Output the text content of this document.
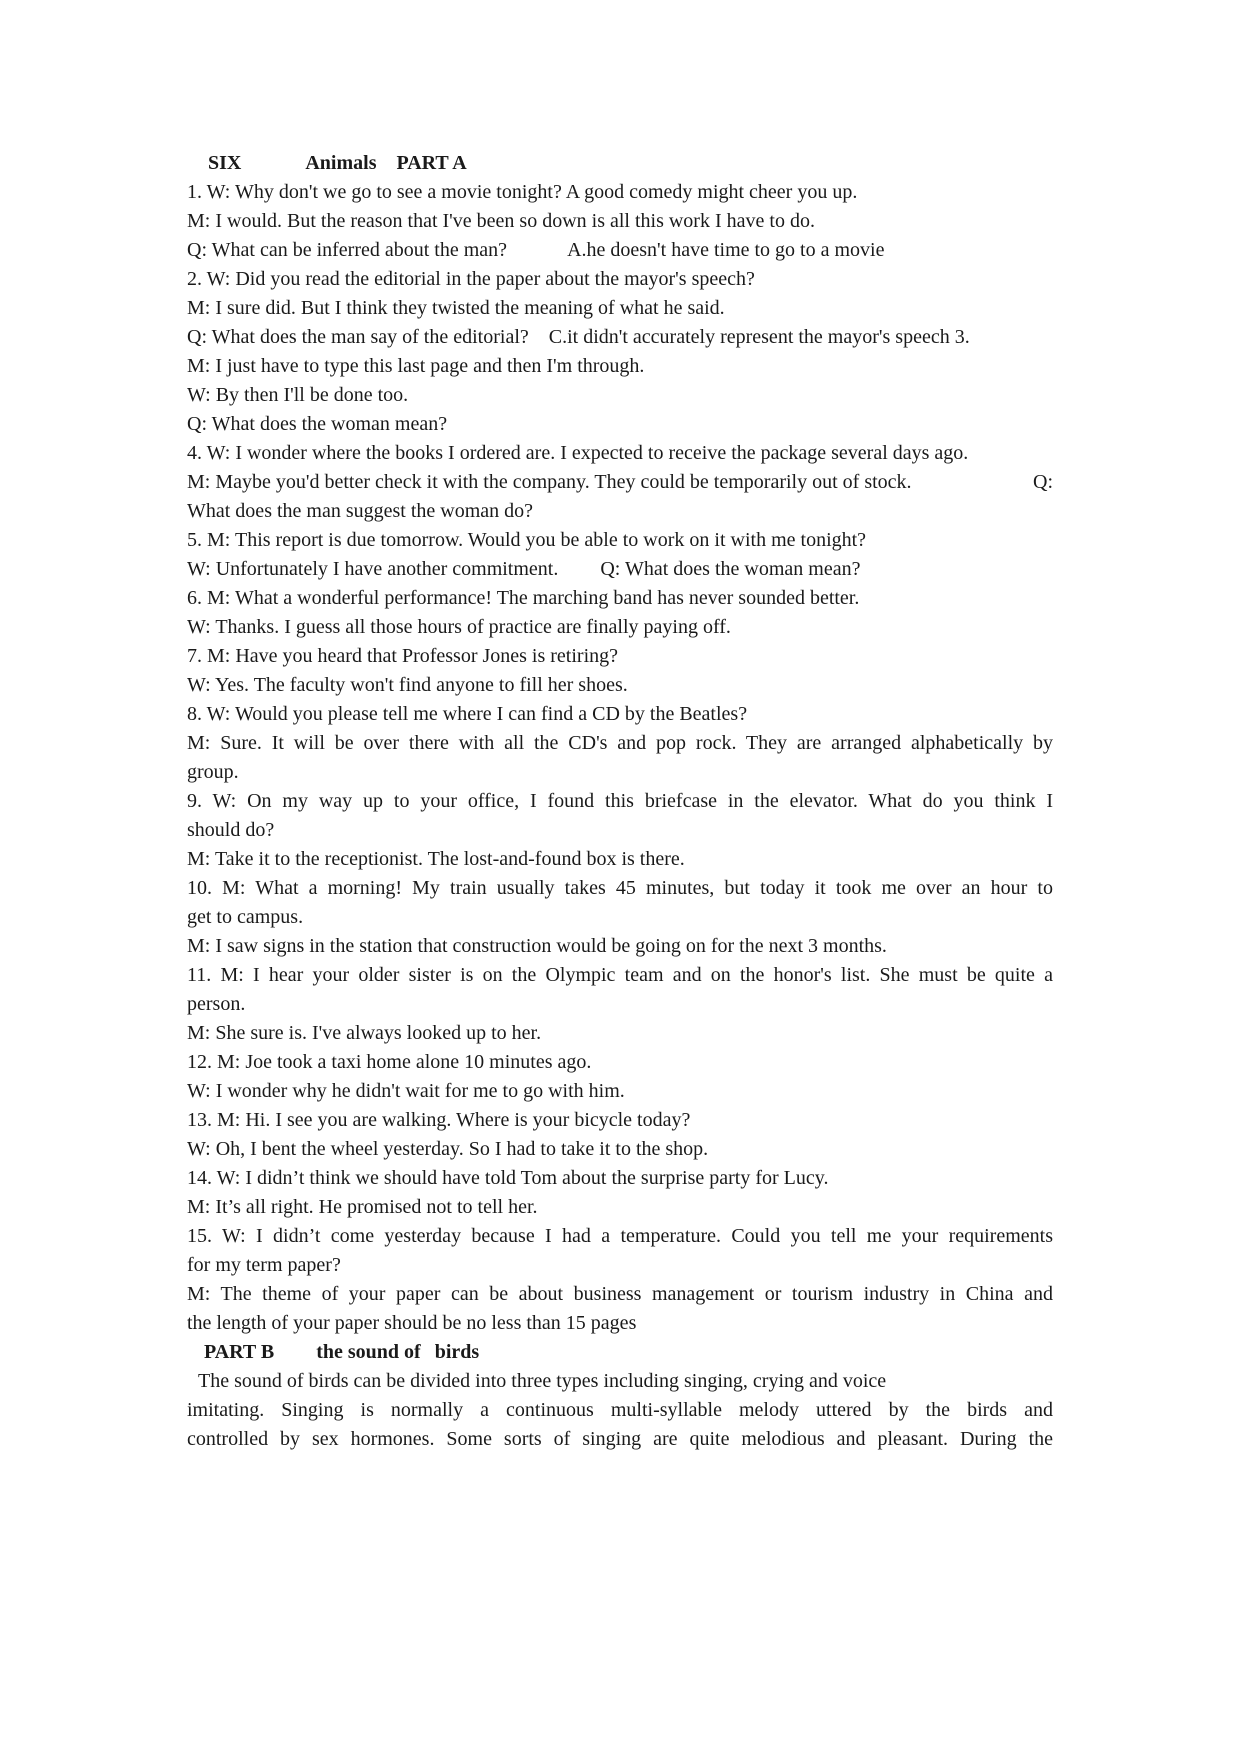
SIX	Animals PART A
1. W: Why don't we go to see a movie tonight? A good comedy might cheer you up.
M: I would. But the reason that I've been so down is all this work I have to do.
Q: What can be inferred about the man?	A.he doesn't have time to go to a movie
2. W: Did you read the editorial in the paper about the mayor's speech?
M: I sure did. But I think they twisted the meaning of what he said.
Q: What does the man say of the editorial? C.it didn't accurately represent the mayor's speech 3.
M: I just have to type this last page and then I'm through.
W: By then I'll be done too.
Q: What does the woman mean?
4. W: I wonder where the books I ordered are. I expected to receive the package several days ago.
M: Maybe you'd better check it with the company. They could be temporarily out of stock.	Q:
What does the man suggest the woman do?
5. M: This report is due tomorrow. Would you be able to work on it with me tonight?
W: Unfortunately I have another commitment. Q: What does the woman mean?
6. M: What a wonderful performance! The marching band has never sounded better.
W: Thanks. I guess all those hours of practice are finally paying off.
7. M: Have you heard that Professor Jones is retiring?
W: Yes. The faculty won't find anyone to fill her shoes.
8. W: Would you please tell me where I can find a CD by the Beatles?
M: Sure. It will be over there with all the CD's and pop rock. They are arranged alphabetically by
group.
9. W: On my way up to your office, I found this briefcase in the elevator. What do you think I
should do?
M: Take it to the receptionist. The lost-and-found box is there.
10. M: What a morning! My train usually takes 45 minutes, but today it took me over an hour to
get to campus.
M: I saw signs in the station that construction would be going on for the next 3 months.
11. M: I hear your older sister is on the Olympic team and on the honor's list. She must be quite a
person.
M: She sure is. I've always looked up to her.
12. M: Joe took a taxi home alone 10 minutes ago.
W: I wonder why he didn't wait for me to go with him.
13. M: Hi. I see you are walking. Where is your bicycle today?
W: Oh, I bent the wheel yesterday. So I had to take it to the shop.
14. W: I didn’t think we should have told Tom about the surprise party for Lucy.
M: It’s all right. He promised not to tell her.
15. W: I didn’t come yesterday because I had a temperature. Could you tell me your requirements
for my term paper?
M: The theme of your paper can be about business management or tourism industry in China and
the length of your paper should be no less than 15 pages
PART B the sound of birds
The sound of birds can be divided into three types including singing, crying and voice
imitating. Singing is normally a continuous multi-syllable melody uttered by the birds and
controlled by sex hormones. Some sorts of singing are quite melodious and pleasant. During the
